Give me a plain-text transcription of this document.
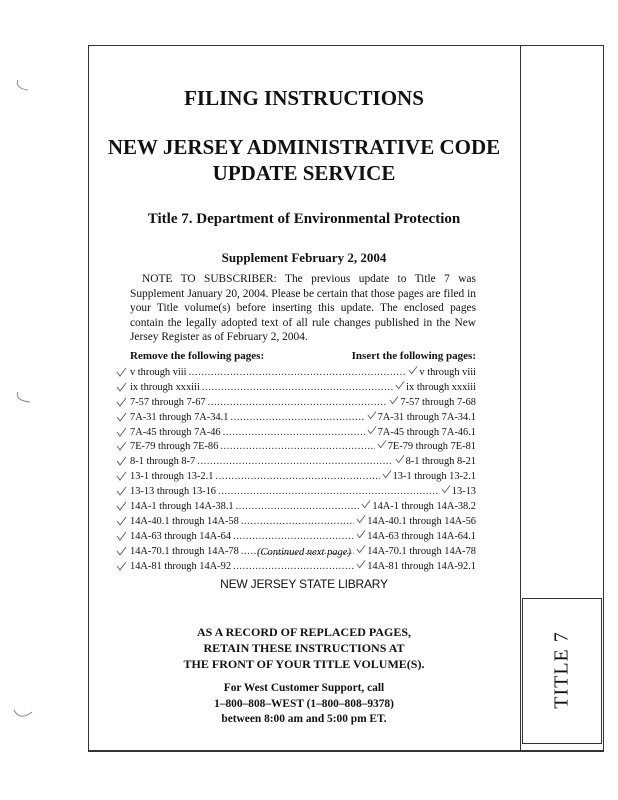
TITLE 7
FILING INSTRUCTIONS
NEW JERSEY ADMINISTRATIVE CODE
UPDATE SERVICE
Title 7. Department of Environmental Protection
Supplement February 2, 2004
NOTE TO SUBSCRIBER: The previous update to Title 7 was Supplement January 20, 2004. Please be certain that those pages are filed in your Title volume(s) before inserting this update. The enclosed pages contain the legally adopted text of all rule changes published in the New Jersey Register as of February 2, 2004.
Remove the following pages:	Insert the following pages:
v through viii .....	v through viii
ix through xxxiii .....	ix through xxxiii
7-57 through 7-67 .....	7-57 through 7-68
7A-31 through 7A-34.1 .....	7A-31 through 7A-34.1
7A-45 through 7A-46 .....	7A-45 through 7A-46.1
7E-79 through 7E-86 .....	7E-79 through 7E-81
8-1 through 8-7 .....	8-1 through 8-21
13-1 through 13-2.1 .....	13-1 through 13-2.1
13-13 through 13-16 .....	13-13
14A-1 through 14A-38.1 .....	14A-1 through 14A-38.2
14A-40.1 through 14A-58 .....	14A-40.1 through 14A-56
14A-63 through 14A-64 .....	14A-63 through 14A-64.1
14A-70.1 through 14A-78 .....	14A-70.1 through 14A-78
14A-81 through 14A-92 .....	14A-81 through 14A-92.1
(Continued next page)
NEW JERSEY STATE LIBRARY
AS A RECORD OF REPLACED PAGES,
RETAIN THESE INSTRUCTIONS AT
THE FRONT OF YOUR TITLE VOLUME(S).
For West Customer Support, call
1–800–808–WEST (1–800–808–9378)
between 8:00 am and 5:00 pm ET.
